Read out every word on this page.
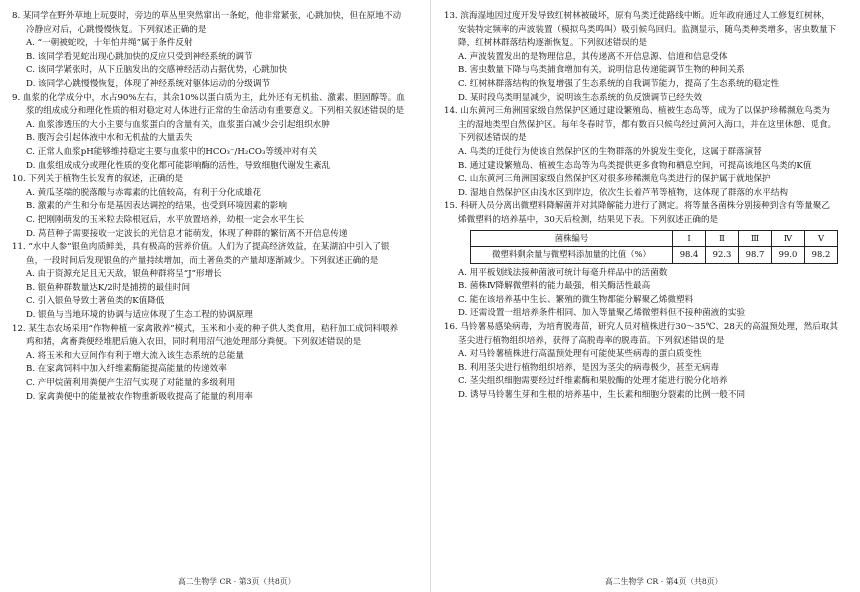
8. 某同学在野外草地上玩耍时，旁边的草丛里突然窜出一条蛇，他非常紧张，心跳加快，但在原地不动冷静应对后，心跳慢慢恢复。下列叙述正确的是

A. “一朝被蛇咬，十年怕井绳”属于条件反射

B. 该同学看见蛇出现心跳加快的反应只受到神经系统的调节

C. 该同学紧张时，从下丘脑发出的交感神经活动占据优势，心跳加快

D. 该同学心跳慢慢恢复，体现了神经系统对躯体运动的分级调节

9. 血浆的化学成分中，水占90%左右，其余10%以蛋白质为主，此外还有无机盐、激素、胆固醇等。血浆的组成成分和理化性质的相对稳定对人体进行正常的生命活动有重要意义。下列相关叙述错误的是

A. 血浆渗透压的大小主要与血浆蛋白的含量有关，血浆蛋白减少会引起组织水肿

B. 腹泻会引起体液中水和无机盐的大量丢失

C. 正常人血浆pH能够维持稳定主要与血浆中的HCO₃⁻/H₂CO₃等缓冲对有关

D. 血浆组成成分或理化性质的变化都可能影响酶的活性，导致细胞代谢发生紊乱

10. 下列关于植物生长发育的叙述，正确的是

A. 黄瓜茎端的脱落酸与赤霉素的比值较高，有利于分化成雄花

B. 激素的产生和分布是基因表达调控的结果，也受到环境因素的影响

C. 把刚刚萌发的玉米粒去除根冠后，水平放置培养，幼根一定会水平生长

D. 莴苣种子需要接收一定波长的光信息才能萌发，体现了种群的繁衍离不开信息传递

11. “水中人参”银鱼肉质鲜美，具有极高的营养价值。人们为了提高经济效益，在某湖泊中引入了银鱼，一段时间后发现银鱼的产量持续增加，而土著鱼类的产量却逐渐减少。下列叙述正确的是

A. 由于资源充足且无天敌，银鱼种群将呈“J”形增长

B. 银鱼种群数量达K/2时是捕捞的最佳时间

C. 引入银鱼导致土著鱼类的K值降低

D. 银鱼与当地环境的协调与适应体现了生态工程的协调原理

12. 某生态农场采用“作物种植一家禽散养”模式，玉米和小麦的种子供人类食用，秸秆加工成饲料喂养鸡和猪，禽畜粪便经堆肥后施入农田，同时利用沼气池处理部分粪便。下列叙述错误的是

A. 将玉米和大豆间作有利于增大流入该生态系统的总能量

B. 在家禽饲料中加入纤维素酶能提高能量的传递效率

C. 产甲烷菌利用粪便产生沼气实现了对能量的多级利用

D. 家禽粪便中的能量被农作物重新吸收提高了能量的利用率

13. 滨海湿地因过度开发导致红树林被破坏，原有鸟类迁徙路线中断。近年政府通过人工修复红树林，安装特定频率的声波装置（模拟鸟类鸣叫）吸引候鸟回归。监测显示，随鸟类种类增多，害虫数量下降，红树林群落结构逐渐恢复。下列叙述错误的是

A. 声波装置发出的是物理信息，其传递离不开信息源、信道和信息受体

B. 害虫数量下降与鸟类捕食增加有关，说明信息传递能调节生物的种间关系

C. 红树林群落结构的恢复增强了生态系统的自我调节能力，提高了生态系统的稳定性

D. 某时段鸟类明显减少，说明该生态系统的负反馈调节已经失效

14. 山东黄河三角洲国家级自然保护区通过建设繁殖岛、植被生态岛等，成为了以保护珍稀濒危鸟类为主的湿地类型自然保护区。每年冬春时节，都有数百只候鸟经过黄河入海口，并在这里休憩、觅食。下列叙述错误的是

A. 鸟类的迁徙行为使该自然保护区的生物群落的外貌发生变化，这属于群落演替

B. 通过建设繁殖岛、植被生态岛等为鸟类提供更多食物和栖息空间，可提高该地区鸟类的K值

C. 山东黄河三角洲国家级自然保护区对很多珍稀濒危鸟类进行的保护属于就地保护

D. 湿地自然保护区由浅水区到岸边，依次生长着芦苇等植物，这体现了群落的水平结构

15. 科研人员分离出微塑料降解菌并对其降解能力进行了测定。将等量各菌株分别接种到含有等量聚乙烯微塑料的培养基中，30天后检测，结果见下表。下列叙述正确的是

菌株编号	Ⅰ	Ⅱ	Ⅲ	Ⅳ	Ⅴ
微塑料剩余量与微塑料添加量的比值（%）	98.4	92.3	98.7	99.0	98.2

A. 用平板划线法接种菌液可统计每毫升样品中的活菌数

B. 菌株Ⅳ降解微塑料的能力最强，相关酶活性最高

C. 能在该培养基中生长、繁殖的微生物都能分解聚乙烯微塑料

D. 还需设置一组培养条件相同、加入等量聚乙烯微塑料但不接种菌液的实验

16. 马铃薯易感染病毒，为培育脱毒苗，研究人员对植株进行30～35℃、28天的高温预处理，然后取其茎尖进行植物组织培养，获得了高脱毒率的脱毒苗。下列叙述错误的是

A. 对马铃薯植株进行高温预处理有可能使某些病毒的蛋白质变性

B. 利用茎尖进行植物组织培养，是因为茎尖的病毒极少，甚至无病毒

C. 茎尖组织细胞需要经过纤维素酶和果胶酶的处理才能进行脱分化培养

D. 诱导马铃薯生芽和生根的培养基中，生长素和细胞分裂素的比例一般不同

高二生物学 CR · 第3页（共8页）	高二生物学 CR · 第4页（共8页）
